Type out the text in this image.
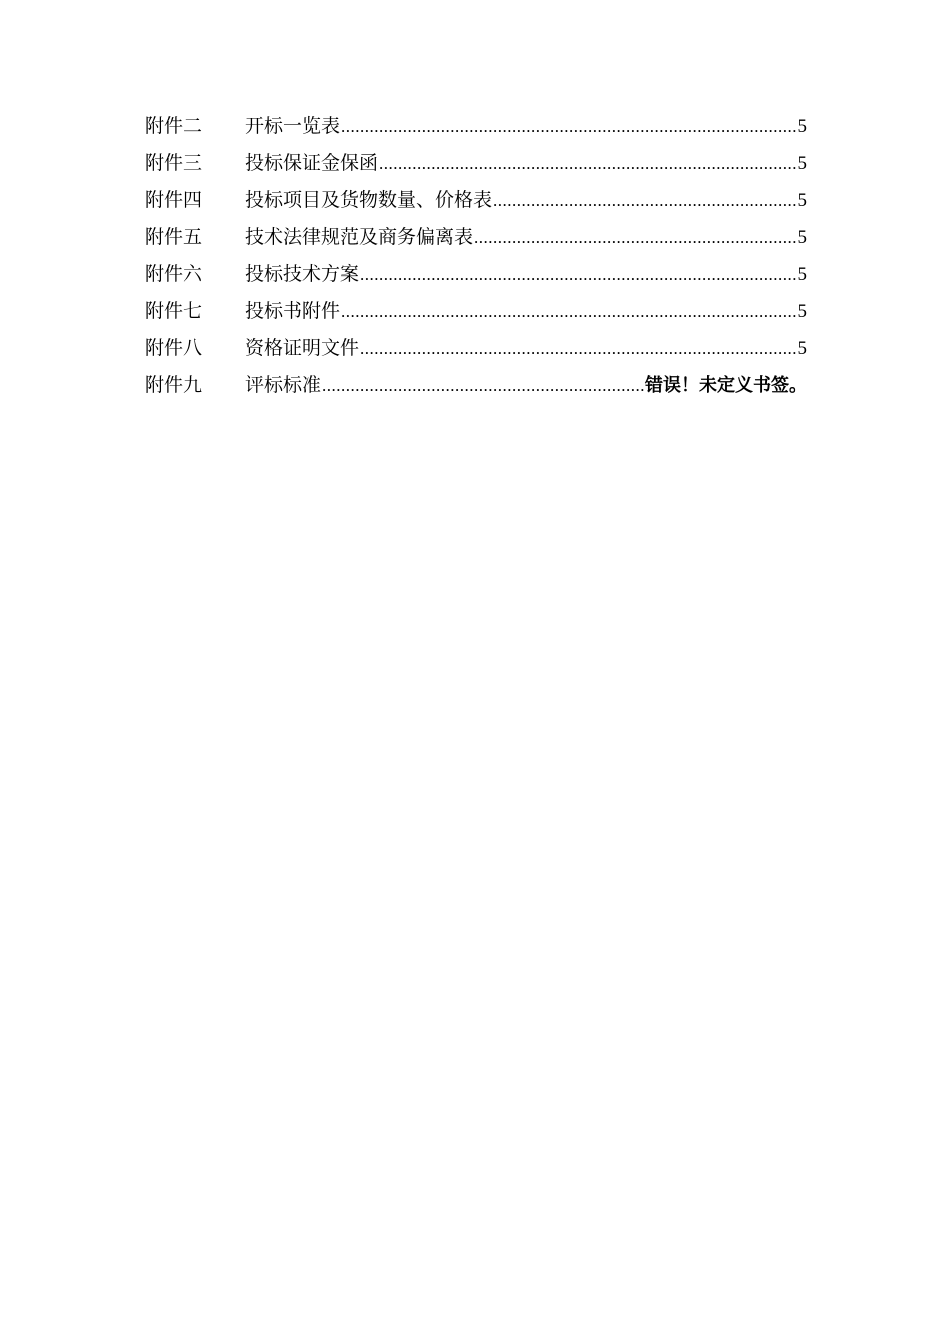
附件二	开标一览表 .....	5
附件三	投标保证金保函 .....	5
附件四	投标项目及货物数量、价格表 .....	5
附件五	技术法律规范及商务偏离表 .....	5
附件六	投标技术方案 .....	5
附件七	投标书附件 .....	5
附件八	资格证明文件 .....	5
附件九	评标标准 .....	错误！未定义书签。
